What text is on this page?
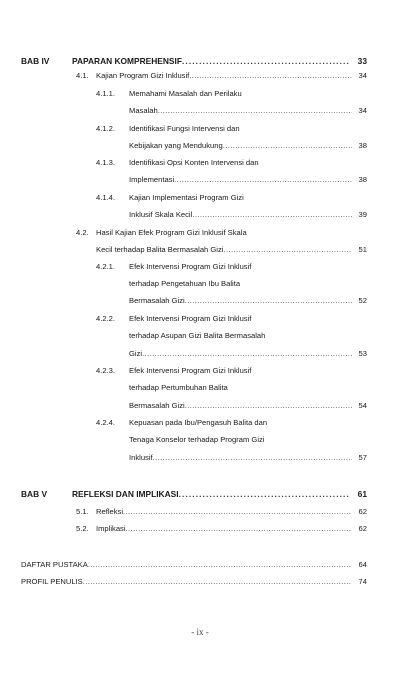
BAB IV	PAPARAN KOMPREHENSIF .....	33
4.1. Kajian Program Gizi Inklusif .....	34
4.1.1. Memahami Masalah dan Perilaku
Masalah .....	34
4.1.2. Identifikasi Fungsi Intervensi dan
Kebijakan yang Mendukung .....	38
4.1.3. Identifikasi Opsi Konten Intervensi dan
Implementasi .....	38
4.1.4. Kajian Implementasi Program Gizi
Inklusif Skala Kecil .....	39
4.2. Hasil Kajian Efek Program Gizi Inklusif Skala
Kecil terhadap Balita Bermasalah Gizi .....	51
4.2.1. Efek Intervensi Program Gizi Inklusif
terhadap Pengetahuan Ibu Balita
Bermasalah Gizi .....	52
4.2.2. Efek Intervensi Program Gizi Inklusif
terhadap Asupan Gizi Balita Bermasalah
Gizi .....	53
4.2.3. Efek Intervensi Program Gizi Inklusif
terhadap Pertumbuhan Balita
Bermasalah Gizi .....	54
4.2.4. Kepuasan pada Ibu/Pengasuh Balita dan
Tenaga Konselor terhadap Program Gizi
Inklusif .....	57
BAB V	REFLEKSI DAN IMPLIKASI .....	61
5.1. Refleksi .....	62
5.2. Implikasi .....	62
DAFTAR PUSTAKA .....	64
PROFIL PENULIS .....	74
- ix -
